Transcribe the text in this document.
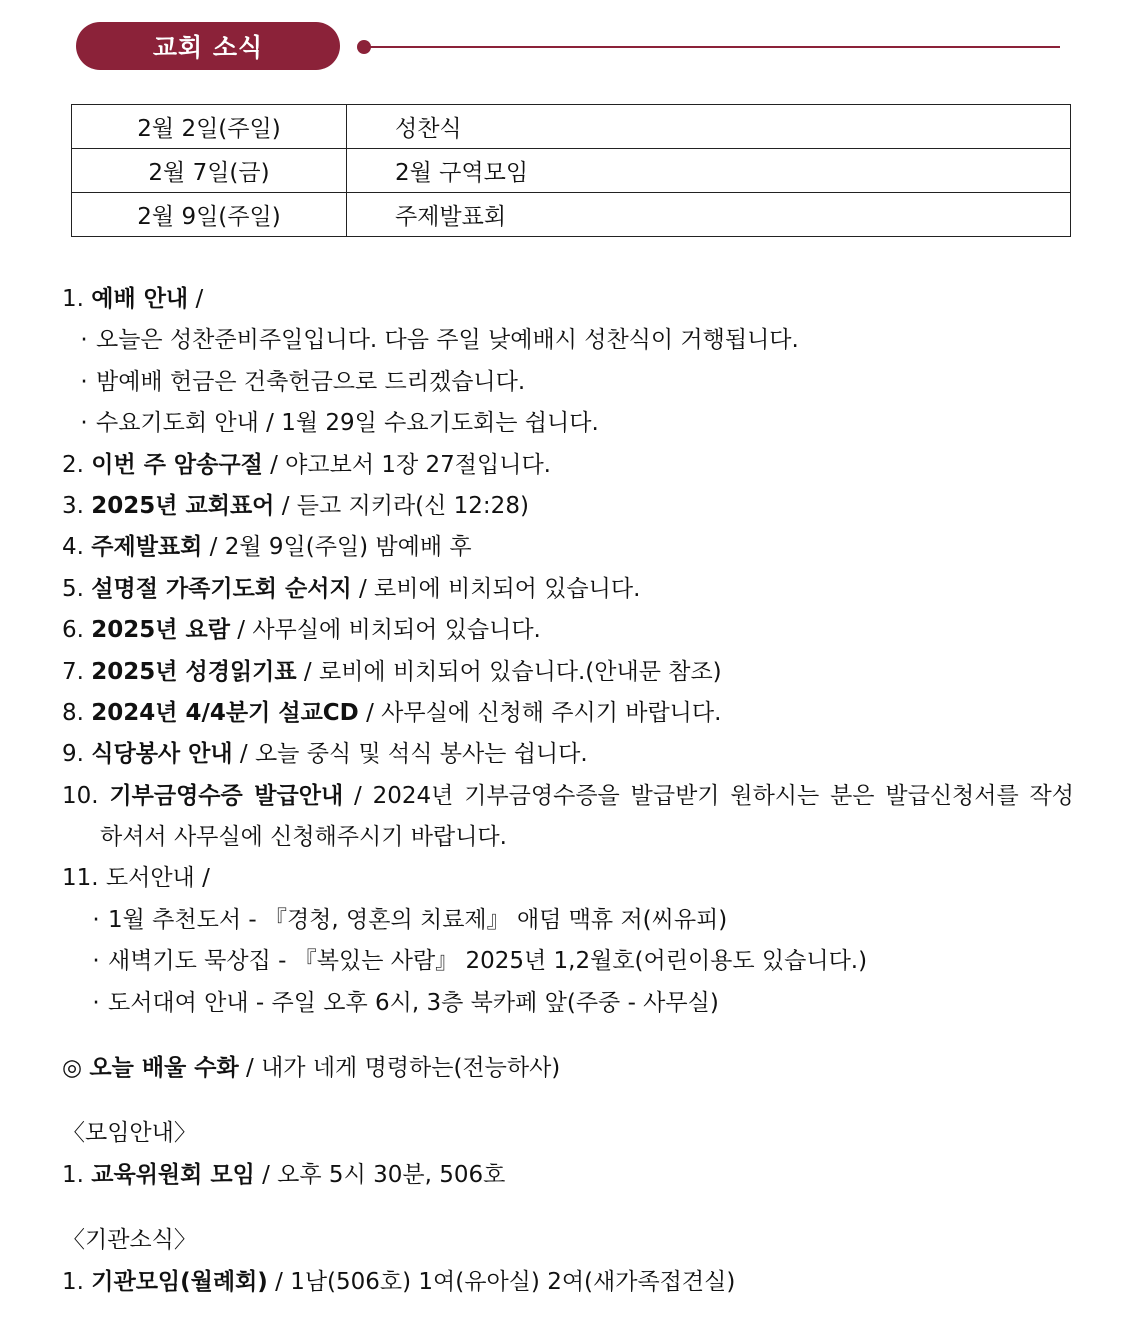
교회 소식
2월 2일(주일)	성찬식
2월 7일(금)	2월 구역모임
2월 9일(주일)	주제발표회
1. 예배 안내 /
· 오늘은 성찬준비주일입니다. 다음 주일 낮예배시 성찬식이 거행됩니다.
· 밤예배 헌금은 건축헌금으로 드리겠습니다.
· 수요기도회 안내 / 1월 29일 수요기도회는 쉽니다.
2. 이번 주 암송구절 / 야고보서 1장 27절입니다.
3. 2025년 교회표어 / 듣고 지키라(신 12:28)
4. 주제발표회 / 2월 9일(주일) 밤예배 후
5. 설명절 가족기도회 순서지 / 로비에 비치되어 있습니다.
6. 2025년 요람 / 사무실에 비치되어 있습니다.
7. 2025년 성경읽기표 / 로비에 비치되어 있습니다.(안내문 참조)
8. 2024년 4/4분기 설교CD / 사무실에 신청해 주시기 바랍니다.
9. 식당봉사 안내 / 오늘 중식 및 석식 봉사는 쉽니다.
10. 기부금영수증 발급안내 / 2024년 기부금영수증을 발급받기 원하시는 분은 발급신청서를 작성
하셔서 사무실에 신청해주시기 바랍니다.
11. 도서안내 /
· 1월 추천도서 - 『경청, 영혼의 치료제』 애덤 맥휴 저(씨유피)
· 새벽기도 묵상집 - 『복있는 사람』 2025년 1,2월호(어린이용도 있습니다.)
· 도서대여 안내 - 주일 오후 6시, 3층 북카페 앞(주중 - 사무실)
◎ 오늘 배울 수화 / 내가 네게 명령하는(전능하사)
〈모임안내〉
1. 교육위원회 모임 / 오후 5시 30분, 506호
〈기관소식〉
1. 기관모임(월례회) / 1남(506호) 1여(유아실) 2여(새가족접견실)
